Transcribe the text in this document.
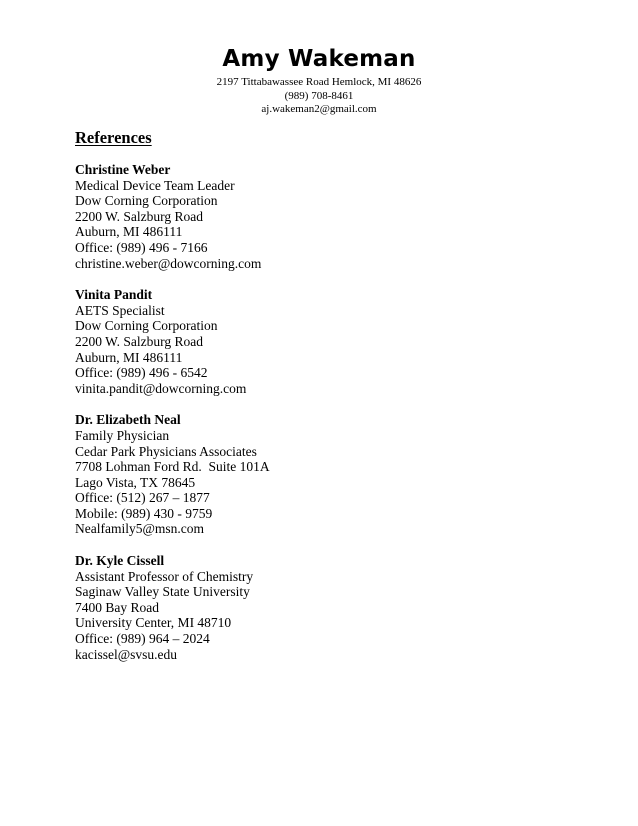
Amy Wakeman
2197 Tittabawassee Road Hemlock, MI 48626
(989) 708-8461
aj.wakeman2@gmail.com
References
Christine Weber
Medical Device Team Leader
Dow Corning Corporation
2200 W. Salzburg Road
Auburn, MI 486111
Office: (989) 496 - 7166
christine.weber@dowcorning.com
Vinita Pandit
AETS Specialist
Dow Corning Corporation
2200 W. Salzburg Road
Auburn, MI 486111
Office: (989) 496 - 6542
vinita.pandit@dowcorning.com
Dr. Elizabeth Neal
Family Physician
Cedar Park Physicians Associates
7708 Lohman Ford Rd.  Suite 101A
Lago Vista, TX 78645
Office: (512) 267 – 1877
Mobile: (989) 430 - 9759
Nealfamily5@msn.com
Dr. Kyle Cissell
Assistant Professor of Chemistry
Saginaw Valley State University
7400 Bay Road
University Center, MI 48710
Office: (989) 964 – 2024
kacissel@svsu.edu
